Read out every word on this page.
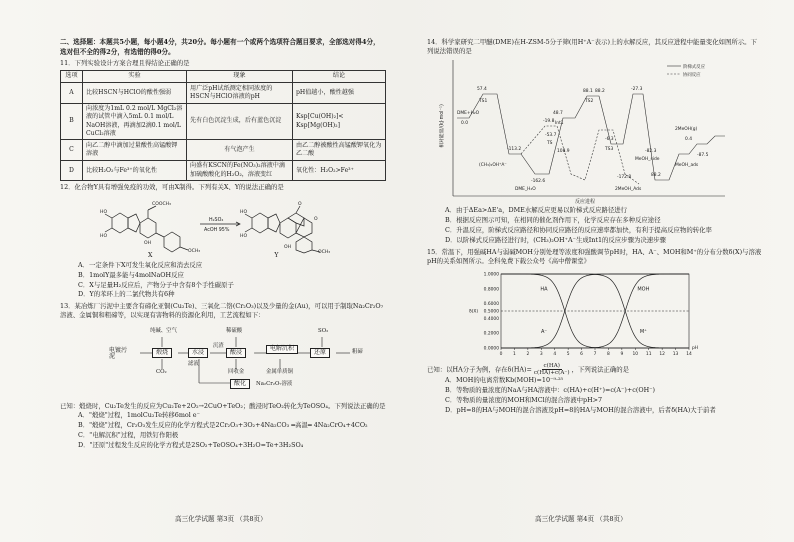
二、选择题：本题共5小题，每小题4分，共20分。每小题有一个或两个选项符合题目要求，全部选对得4分，选对但不全的得2分，有选错的得0分。
11．下列实验设计方案合理且得结论正确的是
选项	实验	现象	结论
A	比较HSCN与HClO的酸性强弱	用广泛pH试纸测定相同浓度的HSCN与HClO溶液的pH	pH值越小，酸性越强
B	向浓度为1mL 0.2 mol/L MgCl₂溶液的试管中滴入5mL 0.1 mol/L NaOH溶液，再滴加2滴0.1 mol/L CuCl₂溶液	先有白色沉淀生成，后有蓝色沉淀	Ksp[Cu(OH)₂]< Ksp[Mg(OH)₂]
C	向乙二醇中滴加过量酸性高锰酸钾溶液	有气泡产生	由乙二醇被酸性高锰酸钾氧化为乙二酸
D	比较H₂O₂与Fe³⁺的氧化性	向盛有KSCN的Fe(NO₃)₂溶液中滴加硫酸酸化的H₂O₂，溶液变红	氧化性：H₂O₂>Fe³⁺
12．化合物Y具有增强免疫的功效，可由X制得。下列有关X、Y的说法正确的是
COOCH₃
HO
HO
OH
OCH₃
HO
HO
O
O
OCH₃
OH
H₂SO₄
AcOH 95%
X	Y
A．一定条件下X可发生氧化反应和消去反应
B．1molY最多能与4molNaOH反应
C．X与足量H₂反应后，产物分子中含有8个手性碳原子
D．Y的苯环上的二氯代物共有6种
13．某冶炼厂污泥中主要含有碲化亚铜(Cu₂Te)、三氧化二铬(Cr₂O₃)以及少量的金(Au)，可以用于制取Na₂Cr₂O₇溶液、金属铜和粗碲等，以实现有害物料的资源化利用，工艺流程如下：
电镀污泥
煅烧	水浸	酸浸
电解沉积
还原
酸化
纯碱、空气	稀硫酸	SO₂
CO₂
沉渣
回收金	金属单质铜
Na₂Cr₂O₇溶液
粗碲
滤液
已知：煅烧时，Cu₂Te发生的反应为Cu₂Te+2O₂→2CuO+TeO₂；酸浸时TeO₂转化为TeOSO₄。下列说法正确的是
A．"煅烧"过程，1molCu₂Te转移6mol e⁻
B．"煅烧"过程，Cr₂O₃发生反应的化学方程式是2Cr₂O₃+3O₂+4Na₂CO₃ ═高温═ 4Na₂CrO₄+4CO₂
C．"电解沉积"过程，用铁钉作阳极
D．"还原"过程发生反应的化学方程式是2SO₂+TeOSO₄+3H₂O=Te+3H₂SO₄
高三化学试题 第3页 （共8页）
14．科学家研究二甲醚(DME)在H-ZSM-5分子筛(用H⁺A⁻表示)上的水解反应，其反应进程中能量变化如图所示。下列说法错误的是
相对能量/(kJ·mol⁻¹)
反应进程
DME+H₂O
0.0
57.4
TS1
-113.2
(CH₃)₂OH⁺A⁻
-162.6
DME_H₂O
48.7
Int1
-19.8
-53.7
TS
108.9
88.1
TS2
88.2
-6.3
TS3
-172.8
2MeOH_Ads
-27.3
MeOH_side
-82.3
88.2
2MeOH(g)
0.4
MeOH_ads
-87.5
阶梯式反应
协同反应
A．由于ΔEa>ΔE'a，DME水解反应更易以阶梯式反应路径进行
B．根据反应图示可知，在相同的催化剂作用下，化学反应存在多种反应途径
C．升温反应，阶梯式反应路径和协同反应路径的反应速率都加快，有利于提高反应物的转化率
D．以阶梯式反应路径进行时，(CH₃)₂OH⁺A⁻生成Int1的反应步骤为决速步骤
15．常温下，用强碱HA与弱碱MOH分别处理等浓度和强酸调节pH时，HA、A⁻、MOH和M⁺的分布分数δ(X)与溶液pH的关系如图所示。全科免费下载公众号《高中僧课堂》
0 1 2 3 4 5 6 7 8 9 10 11 12 13 14
0.0000
0.2000
0.4000
0.5000
0.6000
0.8000
1.0000
pH
δ(X)
HA
A⁻
MOH
M⁺
已知：以HA分子为例，存在$\delta(HA)= \frac{c(HA)}{c(HA)+c(A^-)}$ ，下列说法正确的是
A．MOH的电离常数Kb(MOH)=10⁻⁹·²⁵
B．等物质的量浓度的NaA与HA溶液中：c(HA)+c(H⁺)=c(A⁻)+c(OH⁻)
C．等物质的量浓度的MOH和MCl的混合溶液中pH>7
D．pH=8的HA与MOH的混合溶液及pH=8的HA与MOH的混合溶液中，后者δ(HA)大于前者
高三化学试题 第4页 （共8页）
